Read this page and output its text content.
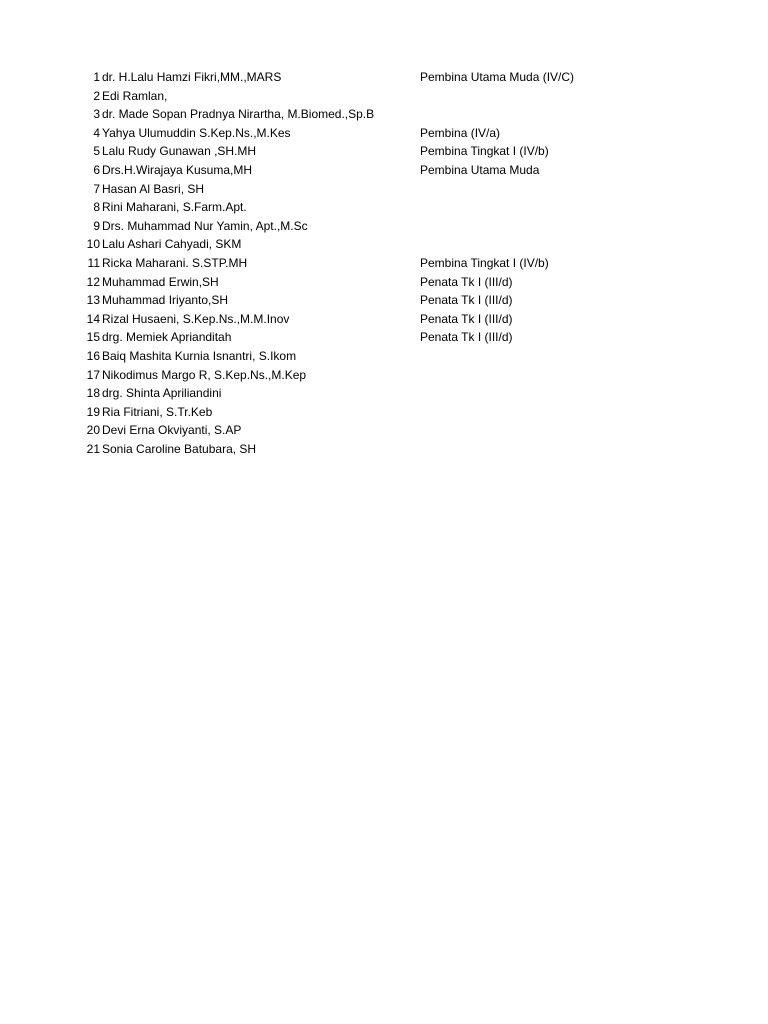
1 dr. H.Lalu Hamzi Fikri,MM.,MARS	Pembina Utama Muda (IV/C)
2 Edi Ramlan,
3 dr. Made Sopan Pradnya Nirartha, M.Biomed.,Sp.B
4 Yahya Ulumuddin S.Kep.Ns.,M.Kes	Pembina (IV/a)
5 Lalu Rudy Gunawan ,SH.MH	Pembina Tingkat I (IV/b)
6 Drs.H.Wirajaya Kusuma,MH	Pembina Utama Muda
7 Hasan Al Basri, SH
8 Rini Maharani, S.Farm.Apt.
9 Drs. Muhammad Nur Yamin, Apt.,M.Sc
10 Lalu Ashari Cahyadi, SKM
11 Ricka Maharani. S.STP.MH	Pembina Tingkat I (IV/b)
12 Muhammad Erwin,SH	Penata Tk I (III/d)
13 Muhammad Iriyanto,SH	Penata Tk I (III/d)
14 Rizal Husaeni, S.Kep.Ns.,M.M.Inov	Penata Tk I (III/d)
15 drg. Memiek Aprianditah	Penata Tk I (III/d)
16 Baiq Mashita Kurnia Isnantri, S.Ikom
17 Nikodimus Margo R, S.Kep.Ns.,M.Kep
18 drg. Shinta Apriliandini
19 Ria Fitriani, S.Tr.Keb
20 Devi Erna Okviyanti, S.AP
21 Sonia Caroline Batubara, SH
